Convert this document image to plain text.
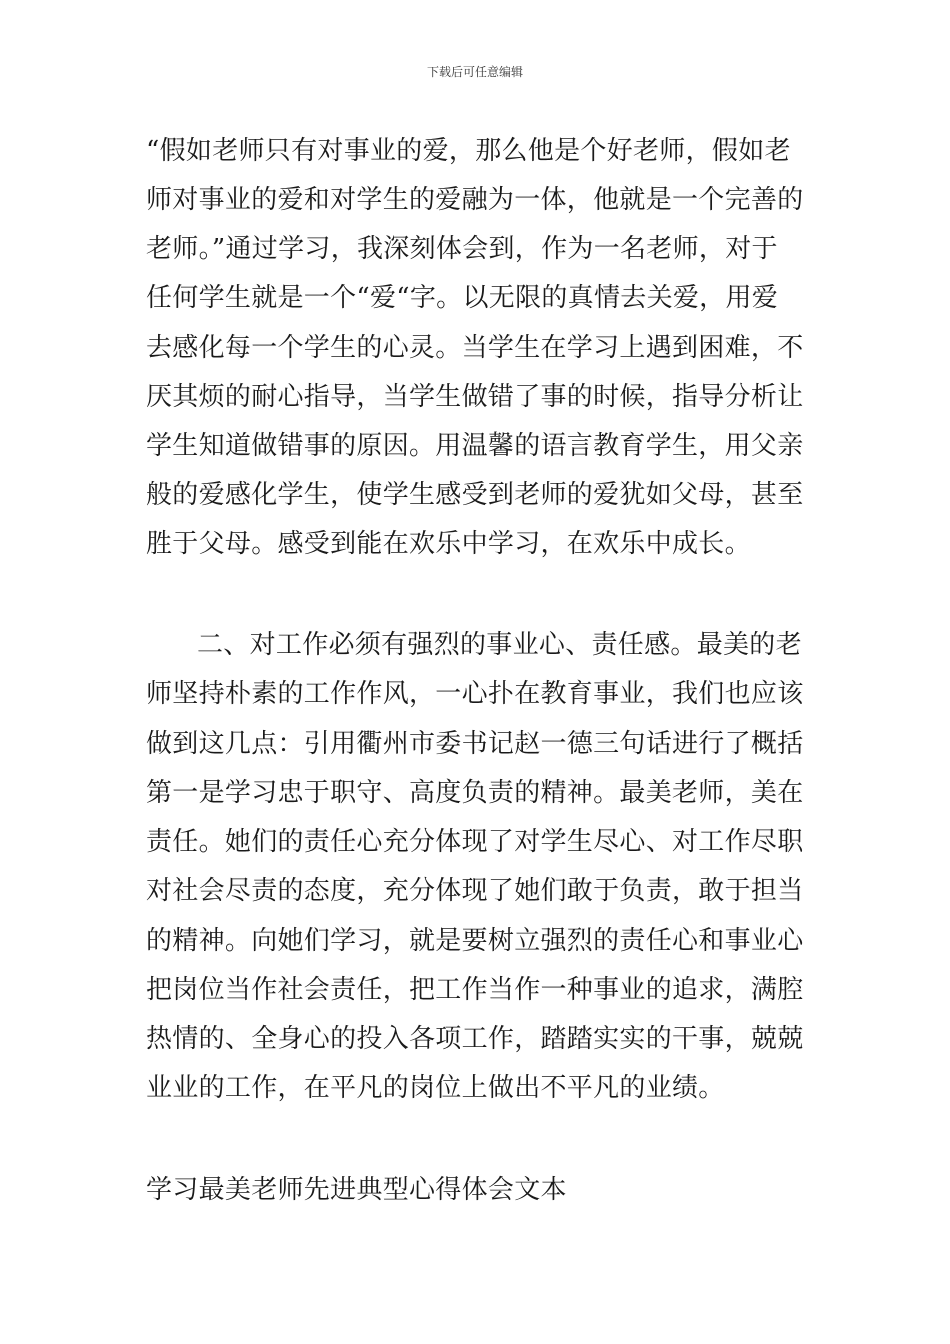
下载后可任意编辑
“假如老师只有对事业的爱，那么他是个好老师，假如老
师对事业的爱和对学生的爱融为一体，他就是一个完善的
老师。”通过学习，我深刻体会到，作为一名老师，对于
任何学生就是一个“爱“字。以无限的真情去关爱，用爱
去感化每一个学生的心灵。当学生在学习上遇到困难，不
厌其烦的耐心指导，当学生做错了事的时候，指导分析让
学生知道做错事的原因。用温馨的语言教育学生，用父亲
般的爱感化学生，使学生感受到老师的爱犹如父母，甚至
胜于父母。感受到能在欢乐中学习，在欢乐中成长。
二、对工作必须有强烈的事业心、责任感。最美的老
师坚持朴素的工作作风，一心扑在教育事业，我们也应该
做到这几点：引用衢州市委书记赵一德三句话进行了概括
第一是学习忠于职守、高度负责的精神。最美老师，美在
责任。她们的责任心充分体现了对学生尽心、对工作尽职
对社会尽责的态度，充分体现了她们敢于负责，敢于担当
的精神。向她们学习，就是要树立强烈的责任心和事业心
把岗位当作社会责任，把工作当作一种事业的追求，满腔
热情的、全身心的投入各项工作，踏踏实实的干事，兢兢
业业的工作，在平凡的岗位上做出不平凡的业绩。
学习最美老师先进典型心得体会文本
